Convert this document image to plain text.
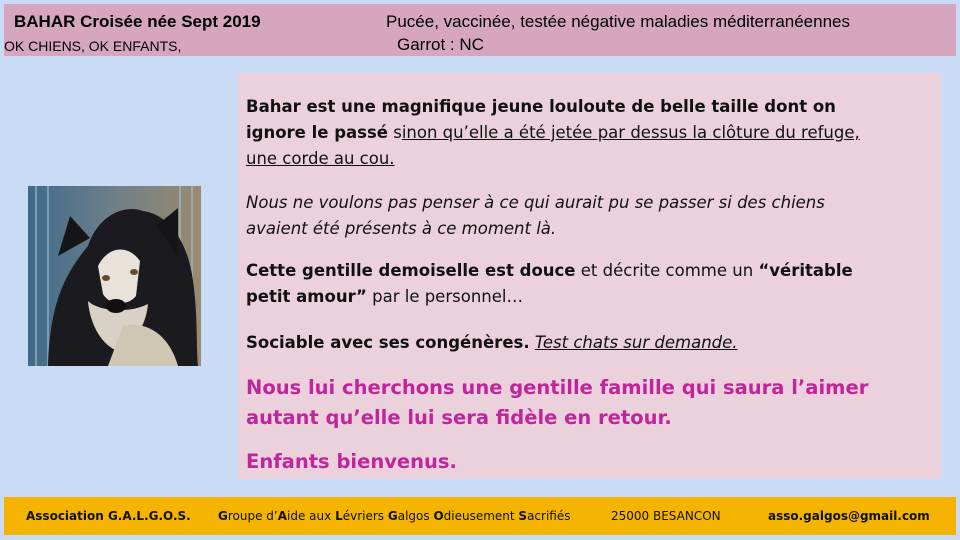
BAHAR Croisée née Sept 2019
OK CHIENS, OK ENFANTS,
Pucée, vaccinée, testée négative maladies méditerranéennes
Garrot : NC
Bahar est une magnifique jeune louloute de belle taille dont on ignore le passé sinon qu’elle a été jetée par dessus la clôture du refuge, une corde au cou.
Nous ne voulons pas penser à ce qui aurait pu se passer si des chiens avaient été présents à ce moment là.
Cette gentille demoiselle est douce et décrite comme un “véritable petit amour” par le personnel…
Sociable avec ses congénères. Test chats sur demande.
Nous lui cherchons une gentille famille qui saura l’aimer autant qu’elle lui sera fidèle en retour.
Enfants bienvenus.
Association G.A.L.G.O.S. Groupe d’Aide aux Lévriers Galgos Odieusement Sacrifiés	25000 BESANCON	asso.galgos@gmail.com
